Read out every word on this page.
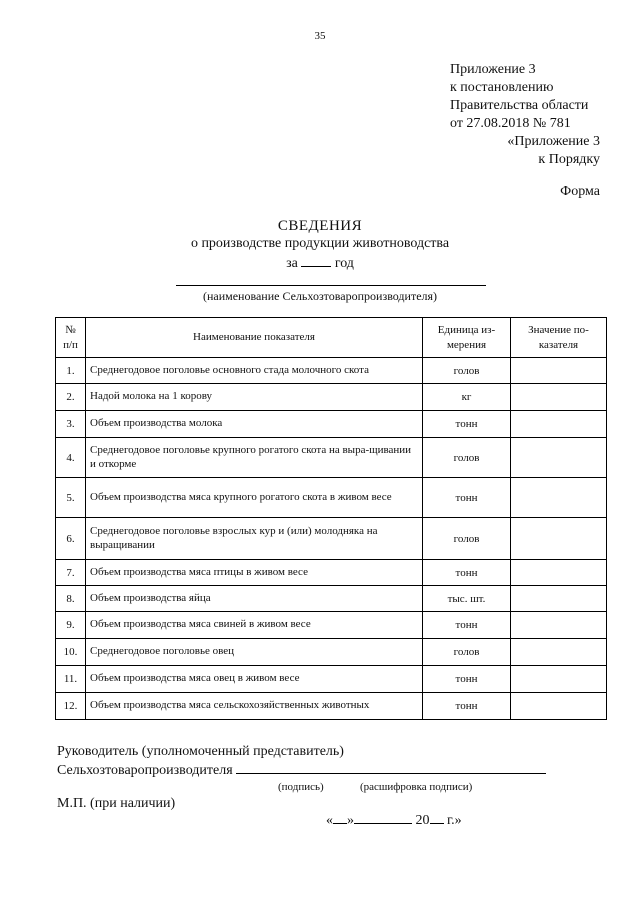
35
Приложение 3
к постановлению
Правительства области
от 27.08.2018 № 781
«Приложение 3
к Порядку
Форма
СВЕДЕНИЯ
о производстве продукции животноводства
за	год
(наименование Сельхозтоваропроизводителя)
№ п/п	Наименование показателя	Единица из-мерения	Значение по-казателя
1.	Среднегодовое поголовье основного стада молочного скота	голов	
2.	Надой молока на 1 корову	кг	
3.	Объем производства молока	тонн	
4.	Среднегодовое поголовье крупного рогатого скота на выра-щивании и откорме	голов	
5.	Объем производства мяса крупного рогатого скота в живом весе	тонн	
6.	Среднегодовое поголовье взрослых кур и (или) молодняка на выращивании	голов	
7.	Объем производства мяса птицы в живом весе	тонн	
8.	Объем производства яйца	тыс. шт.	
9.	Объем производства мяса свиней в живом весе	тонн	
10.	Среднегодовое поголовье овец	голов	
11.	Объем производства мяса овец в живом весе	тонн	
12.	Объем производства мяса сельскохозяйственных животных	тонн	
Руководитель (уполномоченный представитель)
Сельхозтоваропроизводителя
(подпись)	(расшифровка подписи)
М.П. (при наличии)
« »	20 г.»
